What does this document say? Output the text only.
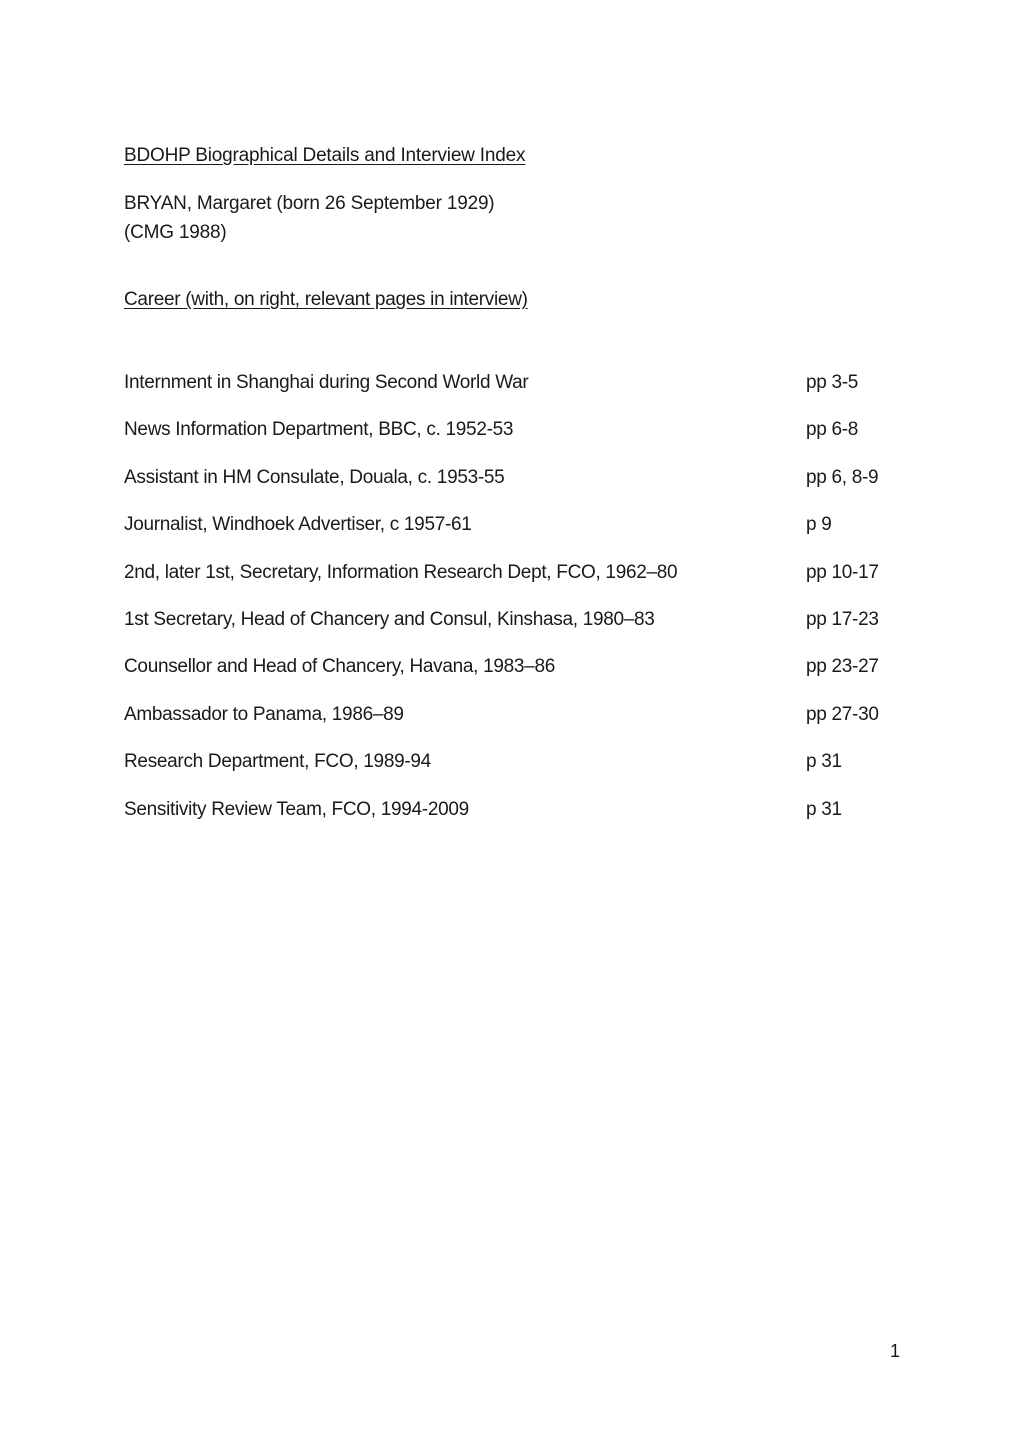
BDOHP Biographical Details and Interview Index
BRYAN, Margaret (born 26 September 1929)
(CMG 1988)
Career (with, on right, relevant pages in interview)
Internment in Shanghai during Second World War	pp 3-5
News Information Department, BBC, c. 1952-53	pp 6-8
Assistant in HM Consulate, Douala, c. 1953-55	pp 6, 8-9
Journalist, Windhoek Advertiser, c 1957-61	p 9
2nd, later 1st, Secretary, Information Research Dept, FCO, 1962–80	pp 10-17
1st Secretary, Head of Chancery and Consul, Kinshasa, 1980–83	pp 17-23
Counsellor and Head of Chancery, Havana, 1983–86	pp 23-27
Ambassador to Panama, 1986–89	pp 27-30
Research Department, FCO, 1989-94	p 31
Sensitivity Review Team, FCO, 1994-2009	p 31
1
